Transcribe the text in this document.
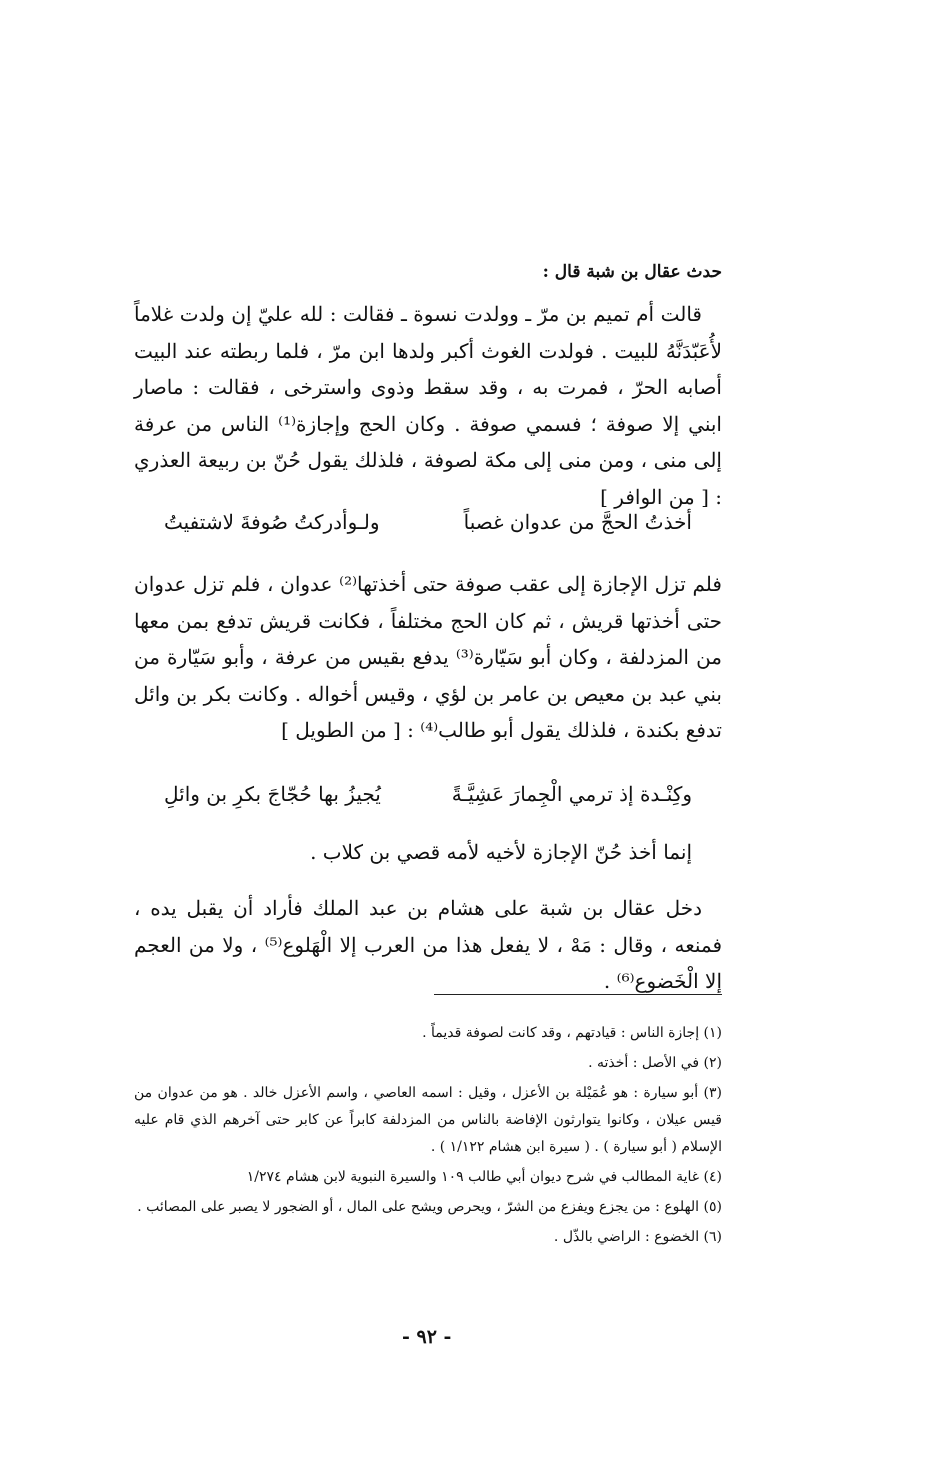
حدث عقال بن شبة قال :

قالت أم تميم بن مرّ ـ وولدت نسوة ـ فقالت : لله عليّ إن ولدت غلاماً لأُعَبّدَنَّهُ للبيت . فولدت الغوث أكبر ولدها ابن مرّ ، فلما ربطته عند البيت أصابه الحرّ ، فمرت به ، وقد سقط وذوى واسترخى ، فقالت : ماصار ابني إلا صوفة ؛ فسمي صوفة . وكان الحج وإجازة⁽¹⁾ الناس من عرفة إلى منى ، ومن منى إلى مكة لصوفة ، فلذلك يقول حُنّ بن ربيعة العذري : [ من الوافر ]

أخذتُ الحجَّ من عدوان غصباً
ولـوأدركتُ صُوفةَ لاشتفيتُ

فلم تزل الإجازة إلى عقب صوفة حتى أخذتها⁽²⁾ عدوان ، فلم تزل عدوان حتى أخذتها قريش ، ثم كان الحج مختلفاً ، فكانت قريش تدفع بمن معها من المزدلفة ، وكان أبو سَيّارة⁽³⁾ يدفع بقيس من عرفة ، وأبو سَيّارة من بني عبد بن معيص بن عامر بن لؤي ، وقيس أخواله . وكانت بكر بن وائل تدفع بكندة ، فلذلك يقول أبو طالب⁽⁴⁾ : [ من الطويل ]

وكِنْـدة إذ ترمي الْجِمارَ عَشِيَّـةً
يُجيزُ بها حُجّاجَ بكرِ بن وائلِ

إنما أخذ حُنّ الإجازة لأخيه لأمه قصي بن كلاب .

دخل عقال بن شبة على هشام بن عبد الملك فأراد أن يقبل يده ، فمنعه ، وقال : مَهْ ، لا يفعل هذا من العرب إلا الْهَلوع⁽⁵⁾ ، ولا من العجم إلا الْخَضوع⁽⁶⁾ .

(١) إجازة الناس : قيادتهم ، وقد كانت لصوفة قديماً .
(٢) في الأصل : أخذته .
(٣) أبو سيارة : هو عُمَيْلة بن الأعزل ، وقيل : اسمه العاصي ، واسم الأعزل خالد . هو من عدوان من قيس عيلان ، وكانوا يتوارثون الإفاضة بالناس من المزدلفة كابراً عن كابر حتى آخرهم الذي قام عليه الإسلام ( أبو سيارة ) . ( سيرة ابن هشام ١/١٢٢ ) .
(٤) غاية المطالب في شرح ديوان أبي طالب ١٠٩ والسيرة النبوية لابن هشام ١/٢٧٤
(٥) الهلوع : من يجزع ويفزع من الشرّ ، ويحرص ويشح على المال ، أو الضجور لا يصبر على المصائب .
(٦) الخضوع : الراضي بالذّل .
- ٩٢ -
